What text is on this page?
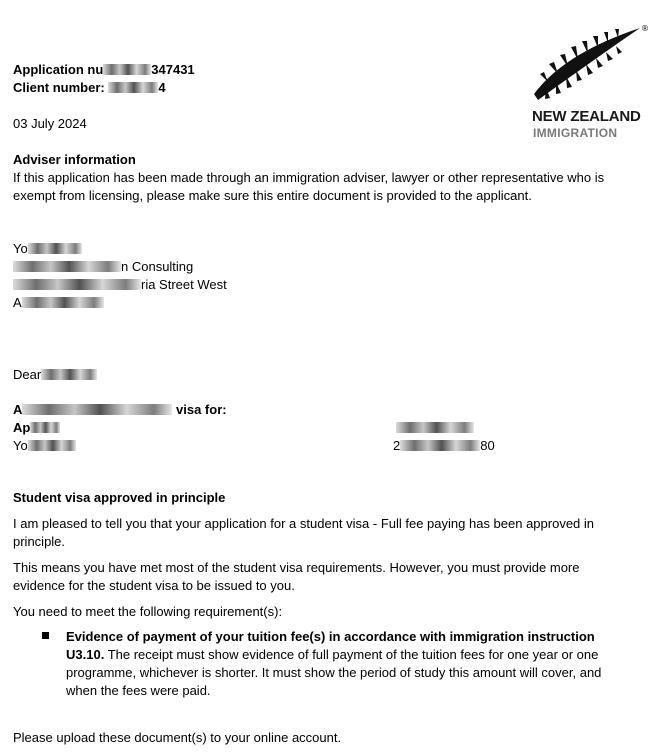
®
NEW ZEALAND
IMMIGRATION
Application nu	347431
Client number:	4
03 July 2024
Adviser information
If this application has been made through an immigration adviser, lawyer or other representative who is exempt from licensing, please make sure this entire document is provided to the applicant.
Yo
n Consulting
ria Street West
A
Dear
A	visa for:
Ap
Yo	2	80
Student visa approved in principle
I am pleased to tell you that your application for a student visa - Full fee paying has been approved in principle.
This means you have met most of the student visa requirements. However, you must provide more evidence for the student visa to be issued to you.
You need to meet the following requirement(s):
Evidence of payment of your tuition fee(s) in accordance with immigration instruction U3.10. The receipt must show evidence of full payment of the tuition fees for one year or one programme, whichever is shorter. It must show the period of study this amount will cover, and when the fees were paid.
Please upload these document(s) to your online account.
